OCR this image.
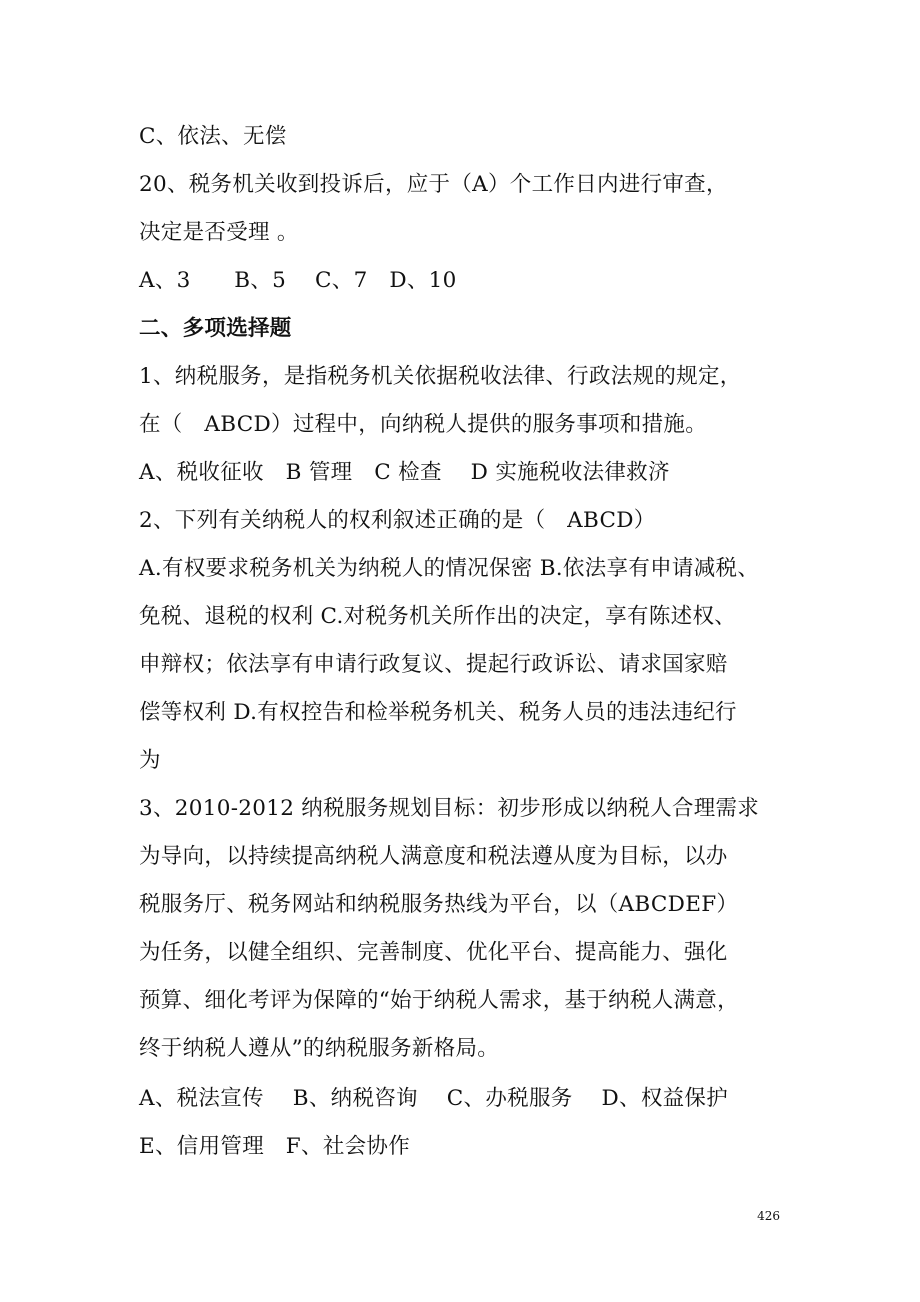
C、依法、无偿
20、税务机关收到投诉后，应于（A）个工作日内进行审查，
决定是否受理 。
A、3　　B、5　 C、7　D、10
二、多项选择题
1、纳税服务，是指税务机关依据税收法律、行政法规的规定，
在（　ABCD）过程中，向纳税人提供的服务事项和措施。
A、税收征收　B 管理　C 检查　 D 实施税收法律救济
2、下列有关纳税人的权利叙述正确的是（　ABCD）
A.有权要求税务机关为纳税人的情况保密 B.依法享有申请减税、
免税、退税的权利 C.对税务机关所作出的决定，享有陈述权、
申辩权；依法享有申请行政复议、提起行政诉讼、请求国家赔
偿等权利 D.有权控告和检举税务机关、税务人员的违法违纪行
为
3、2010-2012 纳税服务规划目标：初步形成以纳税人合理需求
为导向，以持续提高纳税人满意度和税法遵从度为目标，以办
税服务厅、税务网站和纳税服务热线为平台，以（ABCDEF）
为任务，以健全组织、完善制度、优化平台、提高能力、强化
预算、细化考评为保障的“始于纳税人需求，基于纳税人满意，
终于纳税人遵从”的纳税服务新格局。
A、税法宣传　 B、纳税咨询　 C、办税服务　 D、权益保护
E、信用管理　F、社会协作
426
